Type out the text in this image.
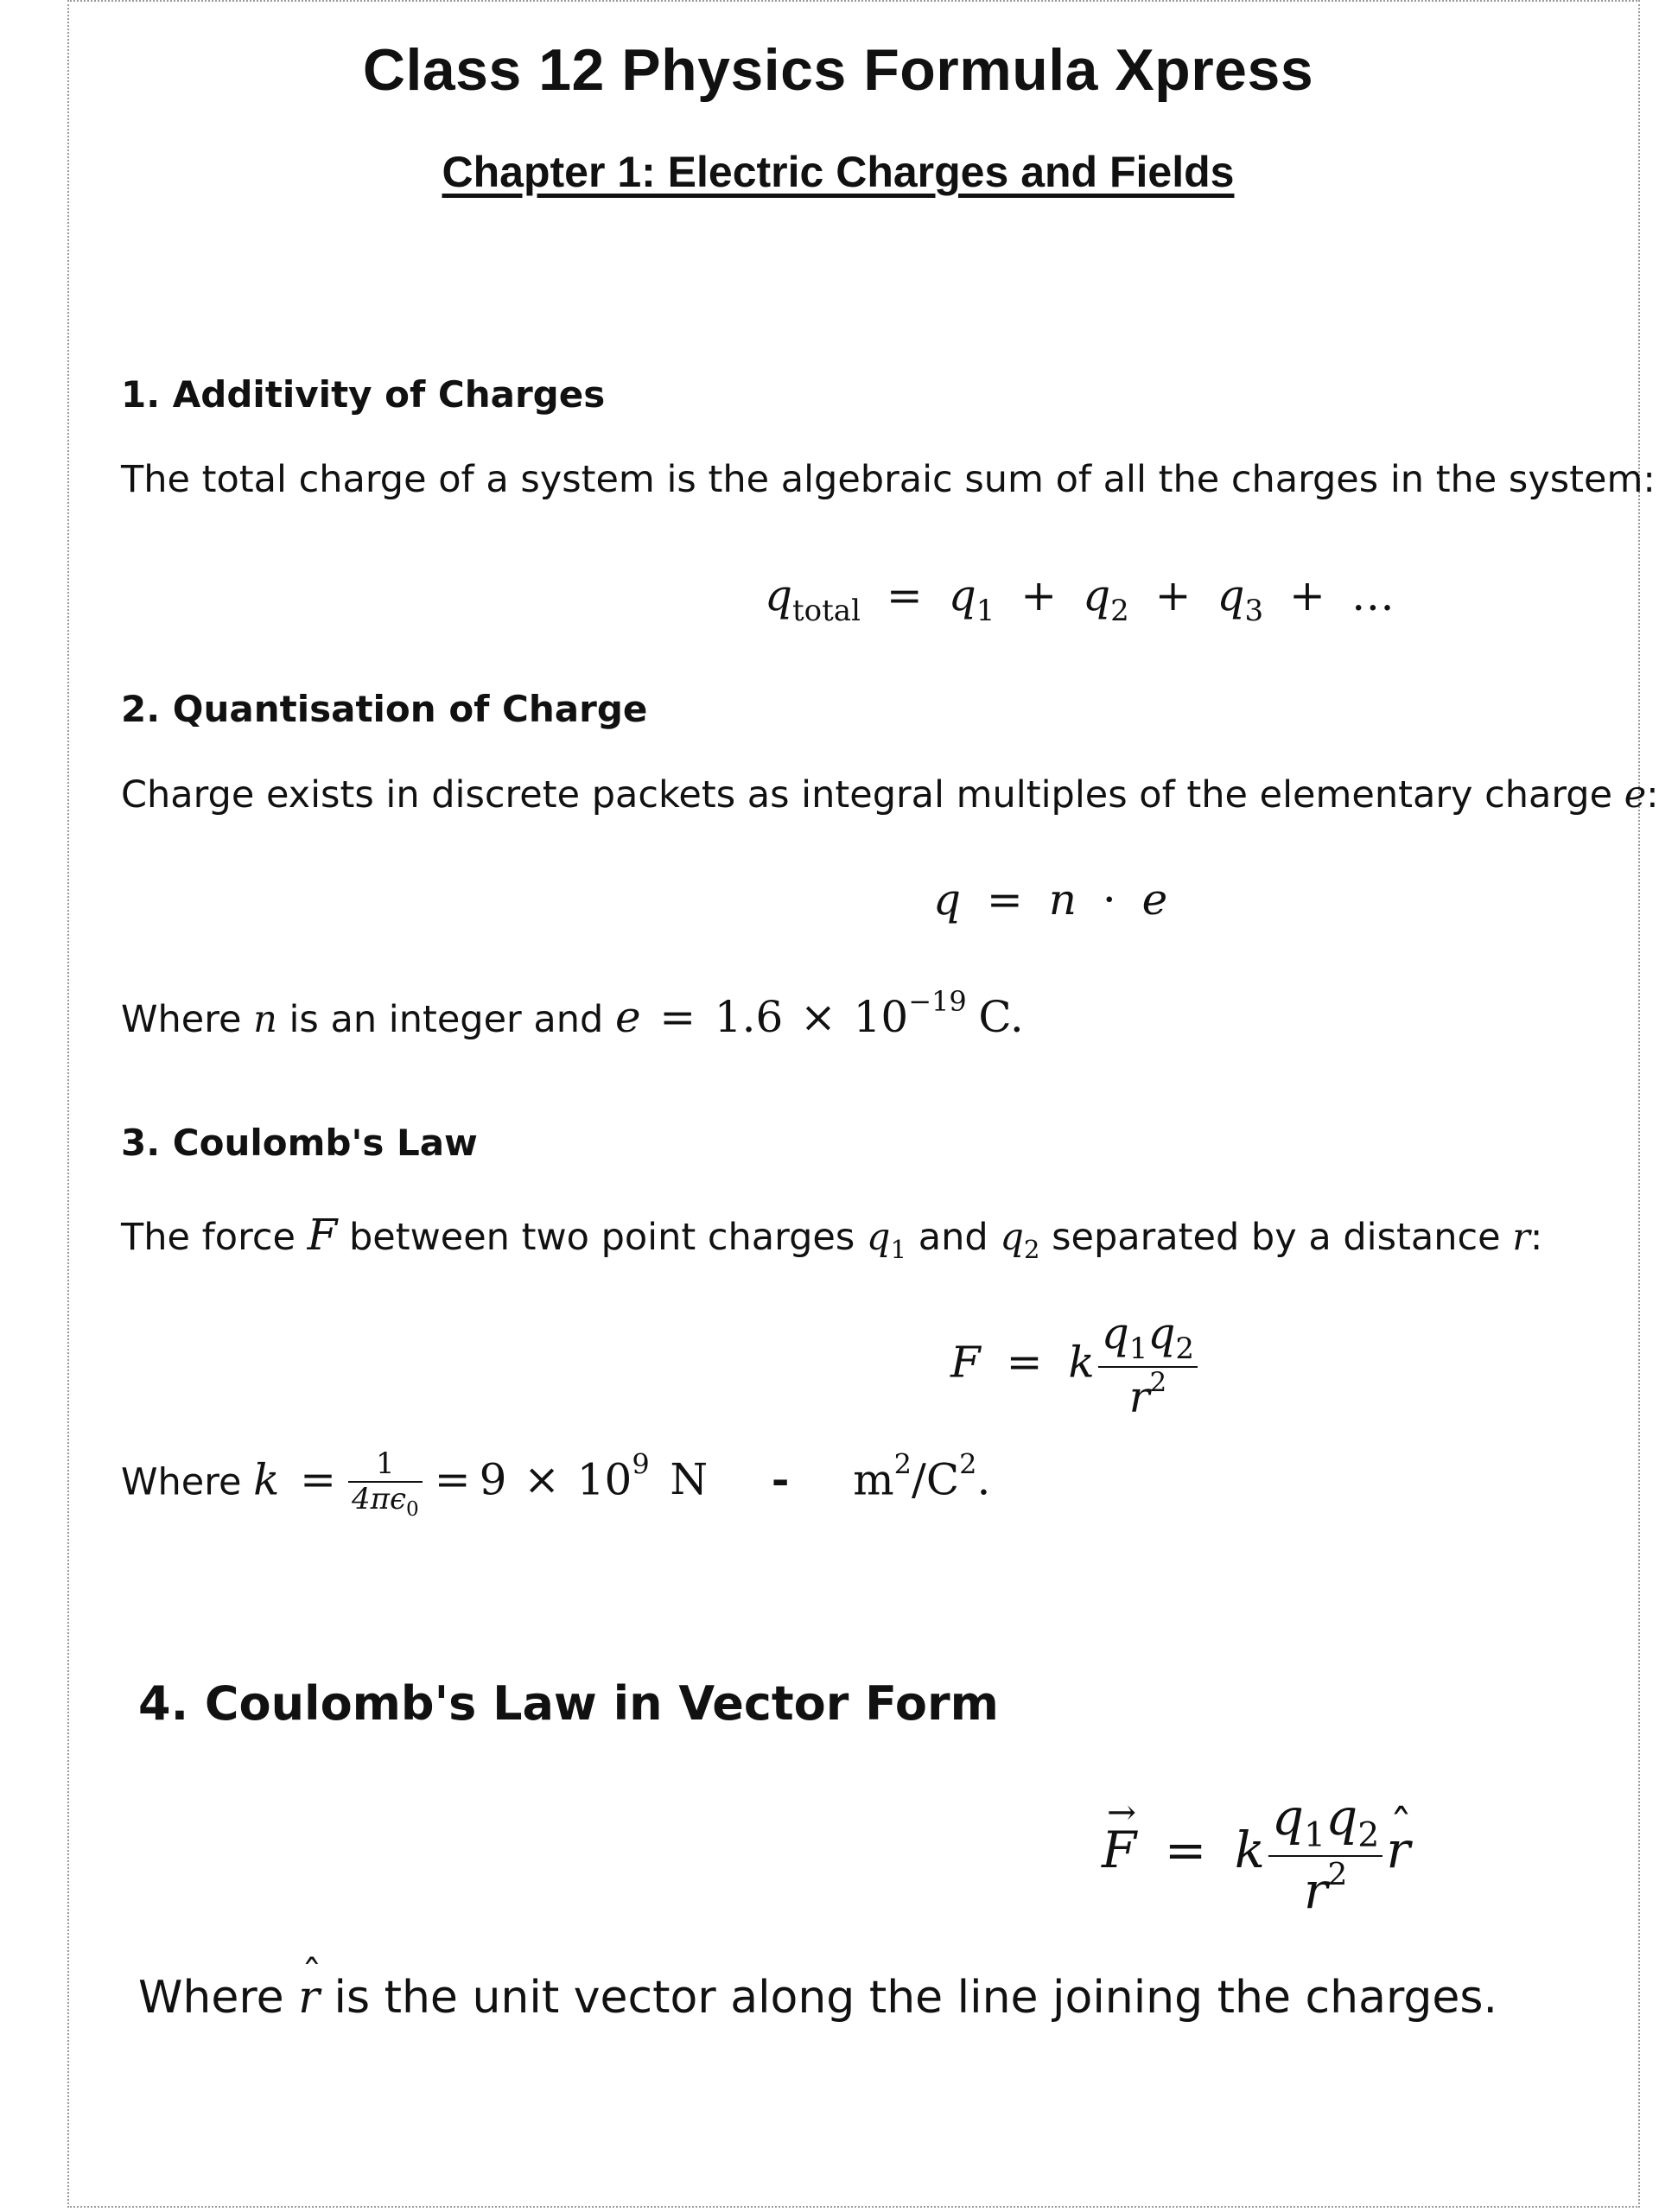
Class 12 Physics Formula Xpress
Chapter 1: Electric Charges and Fields
1. Additivity of Charges

The total charge of a system is the algebraic sum of all the charges in the system:

$q_{total} = q_1 + q_2 + q_3$ + …
2. Quantisation of Charge

Charge exists in discrete packets as integral multiples of the elementary charge e:

q = n · e

Where n is an integer and $e = 1.6 \times 10^{-19}$ C.

3. Coulomb's Law

The force F between two point charges $q_1$ and $q_2$ separated by a distance r:

F = k $\frac{q_1q_2}{r^2}$
Where $k = \frac{1}{4\pi\epsilon_0} = 9 \times 10^9$ N - $m^2/C^2$.
4. Coulomb's Law in Vector Form
→ F = k $\frac{q_1q_2}{r^2}$ ˆ r

Where ˆ r is the unit vector along the line joining the charges.
